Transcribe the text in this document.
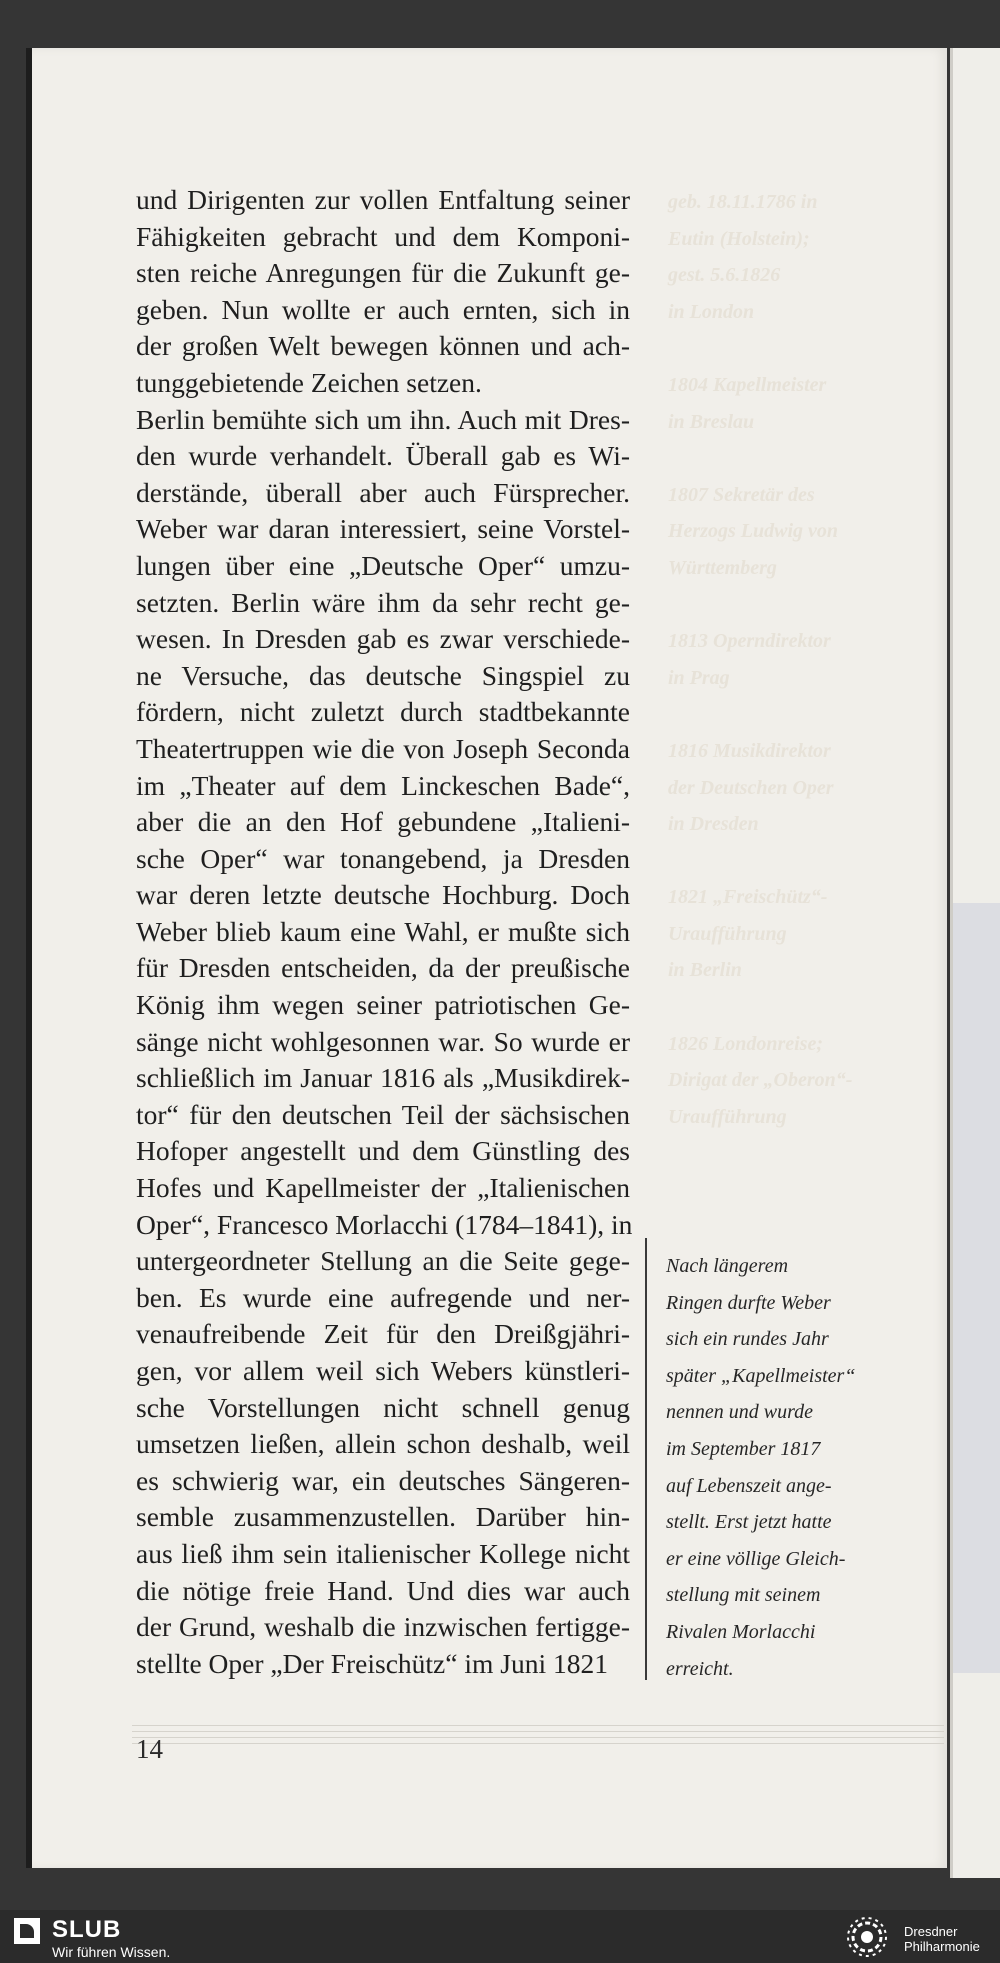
geb. 18.11.1786 in
Eutin (Holstein);
gest. 5.6.1826
in London

1804 Kapellmeister
in Breslau

1807 Sekretär des
Herzogs Ludwig von
Württemberg

1813 Operndirektor
in Prag

1816 Musikdirektor
der Deutschen Oper
in Dresden

1821 „Freischütz“-
Uraufführung
in Berlin

1826 Londonreise;
Dirigat der „Oberon“-
Uraufführung
und Dirigenten zur vollen Entfaltung seiner
Fähigkeiten gebracht und dem Komponi-
sten reiche Anregungen für die Zukunft ge-
geben. Nun wollte er auch ernten, sich in
der großen Welt bewegen können und ach-
tunggebietende Zeichen setzen.
Berlin bemühte sich um ihn. Auch mit Dres-
den wurde verhandelt. Überall gab es Wi-
derstände, überall aber auch Fürsprecher.
Weber war daran interessiert, seine Vorstel-
lungen über eine „Deutsche Oper“ umzu-
setzten. Berlin wäre ihm da sehr recht ge-
wesen. In Dresden gab es zwar verschiede-
ne Versuche, das deutsche Singspiel zu
fördern, nicht zuletzt durch stadtbekannte
Theatertruppen wie die von Joseph Seconda
im „Theater auf dem Linckeschen Bade“,
aber die an den Hof gebundene „Italieni-
sche Oper“ war tonangebend, ja Dresden
war deren letzte deutsche Hochburg. Doch
Weber blieb kaum eine Wahl, er mußte sich
für Dresden entscheiden, da der preußische
König ihm wegen seiner patriotischen Ge-
sänge nicht wohlgesonnen war. So wurde er
schließlich im Januar 1816 als „Musikdirek-
tor“ für den deutschen Teil der sächsischen
Hofoper angestellt und dem Günstling des
Hofes und Kapellmeister der „Italienischen
Oper“, Francesco Morlacchi (1784–1841), in
untergeordneter Stellung an die Seite gege-
ben. Es wurde eine aufregende und ner-
venaufreibende Zeit für den Dreißgjähri-
gen, vor allem weil sich Webers künstleri-
sche Vorstellungen nicht schnell genug
umsetzen ließen, allein schon deshalb, weil
es schwierig war, ein deutsches Sängeren-
semble zusammenzustellen. Darüber hin-
aus ließ ihm sein italienischer Kollege nicht
die nötige freie Hand. Und dies war auch
der Grund, weshalb die inzwischen fertigge-
stellte Oper „Der Freischütz“ im Juni 1821
Nach längerem
Ringen durfte Weber
sich ein rundes Jahr
später „Kapellmeister“
nennen und wurde
im September 1817
auf Lebenszeit ange-
stellt. Erst jetzt hatte
er eine völlige Gleich-
stellung mit seinem
Rivalen Morlacchi
erreicht.
14
SLUB
Wir führen Wissen.
Dresdner
Philharmonie
